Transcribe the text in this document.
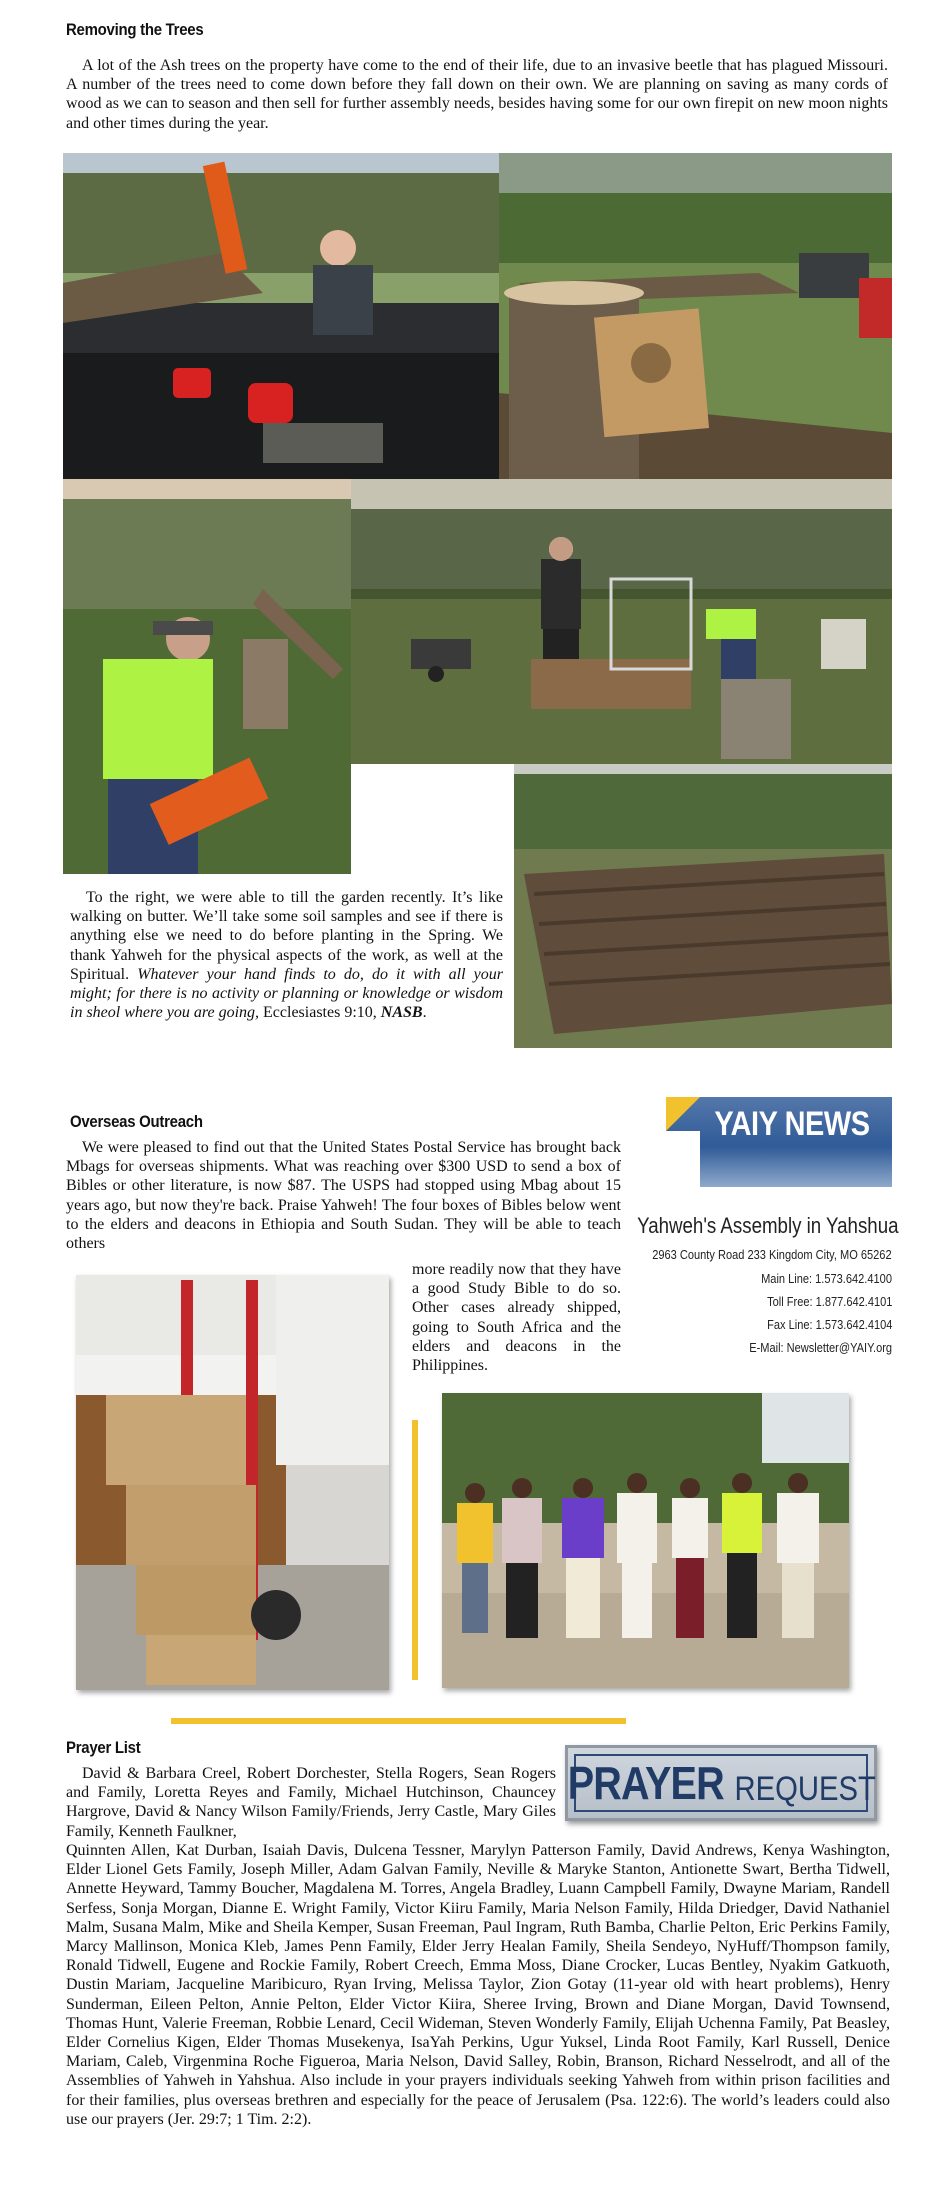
Removing the Trees

A lot of the Ash trees on the property have come to the end of their life, due to an invasive beetle that has plagued Missouri. A number of the trees need to come down before they fall down on their own. We are planning on saving as many cords of wood as we can to season and then sell for further assembly needs, besides having some for our own firepit on new moon nights and other times during the year.

To the right, we were able to till the garden recently. It’s like walking on butter. We’ll take some soil samples and see if there is anything else we need to do before planting in the Spring. We thank Yahweh for the physical aspects of the work, as well at the Spiritual. Whatever your hand finds to do, do it with all your might; for there is no activity or planning or knowledge or wisdom in sheol where you are going, Ecclesiastes 9:10, NASB.

Overseas Outreach

We were pleased to find out that the United States Postal Service has brought back Mbags for overseas shipments. What was reaching over $300 USD to send a box of Bibles or other literature, is now $87. The USPS had stopped using Mbag about 15 years ago, but now they're back. Praise Yahweh! The four boxes of Bibles below went to the elders and deacons in Ethiopia and South Sudan. They will be able to teach others

more readily now that they have a good Study Bible to do so. Other cases already shipped, going to South Africa and the elders and deacons in the Philippines.

YAIY NEWS
Yahweh's Assembly in Yahshua
2963 County Road 233 Kingdom City, MO 65262
Main Line: 1.573.642.4100
Toll Free: 1.877.642.4101
Fax Line: 1.573.642.4104
E-Mail: Newsletter@YAIY.org
Prayer List
PRAYER REQUEST

David & Barbara Creel, Robert Dorchester, Stella Rogers, Sean Rogers and Family, Loretta Reyes and Family, Michael Hutchinson, Chauncey Hargrove, David & Nancy Wilson Family/Friends, Jerry Castle, Mary Giles Family, Kenneth Faulkner,

Quinnten Allen, Kat Durban, Isaiah Davis, Dulcena Tessner, Marylyn Patterson Family, David Andrews, Kenya Washington, Elder Lionel Gets Family, Joseph Miller, Adam Galvan Family, Neville & Maryke Stanton, Antionette Swart, Bertha Tidwell, Annette Heyward, Tammy Boucher, Magdalena M. Torres, Angela Bradley, Luann Campbell Family, Dwayne Mariam, Randell Serfess, Sonja Morgan, Dianne E. Wright Family, Victor Kiiru Family, Maria Nelson Family, Hilda Driedger, David Nathaniel Malm, Susana Malm, Mike and Sheila Kemper, Susan Freeman, Paul Ingram, Ruth Bamba, Charlie Pelton, Eric Perkins Family, Marcy Mallinson, Monica Kleb, James Penn Family, Elder Jerry Healan Family, Sheila Sendeyo, NyHuff/Thompson family, Ronald Tidwell, Eugene and Rockie Family, Robert Creech, Emma Moss, Diane Crocker, Lucas Bentley, Nyakim Gatkuoth, Dustin Mariam, Jacqueline Maribicuro, Ryan Irving, Melissa Taylor, Zion Gotay (11-year old with heart problems), Henry Sunderman, Eileen Pelton, Annie Pelton, Elder Victor Kiira, Sheree Irving, Brown and Diane Morgan, David Townsend, Thomas Hunt, Valerie Freeman, Robbie Lenard, Cecil Wideman, Steven Wonderly Family, Elijah Uchenna Family, Pat Beasley, Elder Cornelius Kigen, Elder Thomas Musekenya, IsaYah Perkins, Ugur Yuksel, Linda Root Family, Karl Russell, Denice Mariam, Caleb, Virgenmina Roche Figueroa, Maria Nelson, David Salley, Robin, Branson, Richard Nesselrodt, and all of the Assemblies of Yahweh in Yahshua. Also include in your prayers individuals seeking Yahweh from within prison facilities and for their families, plus overseas brethren and especially for the peace of Jerusalem (Psa. 122:6). The world’s leaders could also use our prayers (Jer. 29:7; 1 Tim. 2:2).
